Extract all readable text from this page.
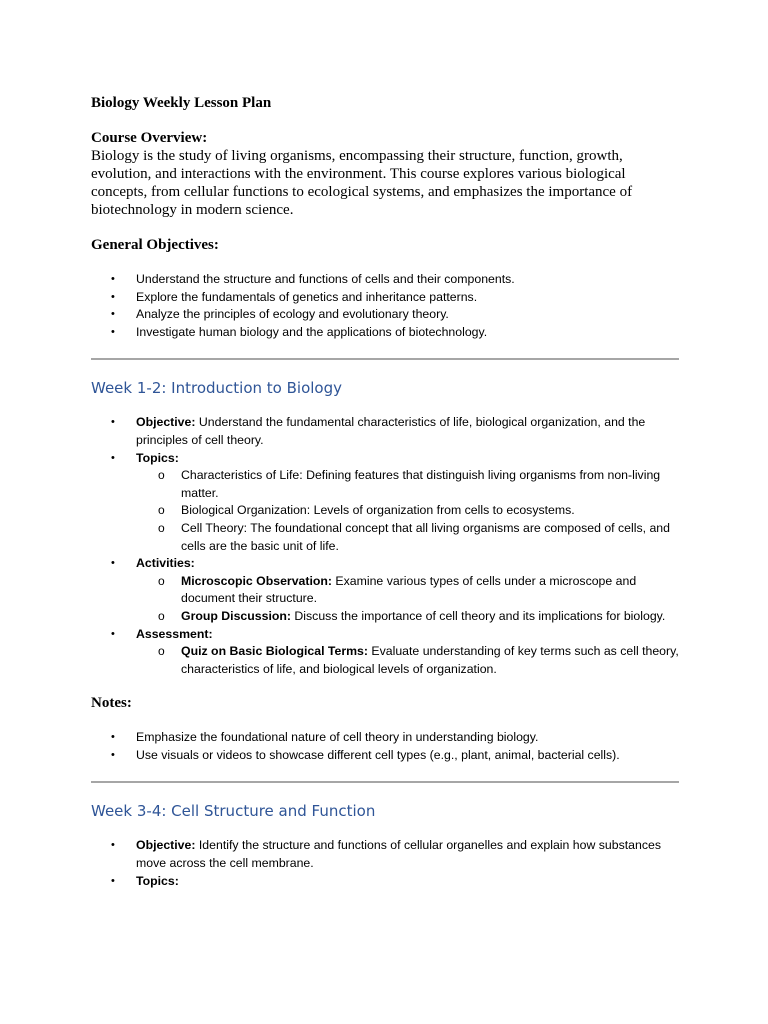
Biology Weekly Lesson Plan

Course Overview:

Biology is the study of living organisms, encompassing their structure, function, growth,
evolution, and interactions with the environment. This course explores various biological
concepts, from cellular functions to ecological systems, and emphasizes the importance of
biotechnology in modern science.

General Objectives:

• Understand the structure and functions of cells and their components.
• Explore the fundamentals of genetics and inheritance patterns.
• Analyze the principles of ecology and evolutionary theory.
• Investigate human biology and the applications of biotechnology.

Week 1-2: Introduction to Biology

• Objective: Understand the fundamental characteristics of life, biological organization, and the principles of cell theory.
• Topics:
o Characteristics of Life: Defining features that distinguish living organisms from non-living matter.
o Biological Organization: Levels of organization from cells to ecosystems.
o Cell Theory: The foundational concept that all living organisms are composed of cells, and cells are the basic unit of life.
• Activities:
o Microscopic Observation: Examine various types of cells under a microscope and document their structure.
o Group Discussion: Discuss the importance of cell theory and its implications for biology.
• Assessment:
o Quiz on Basic Biological Terms: Evaluate understanding of key terms such as cell theory, characteristics of life, and biological levels of organization.

Notes:

• Emphasize the foundational nature of cell theory in understanding biology.
• Use visuals or videos to showcase different cell types (e.g., plant, animal, bacterial cells).

Week 3-4: Cell Structure and Function

• Objective: Identify the structure and functions of cellular organelles and explain how substances move across the cell membrane.
• Topics:
